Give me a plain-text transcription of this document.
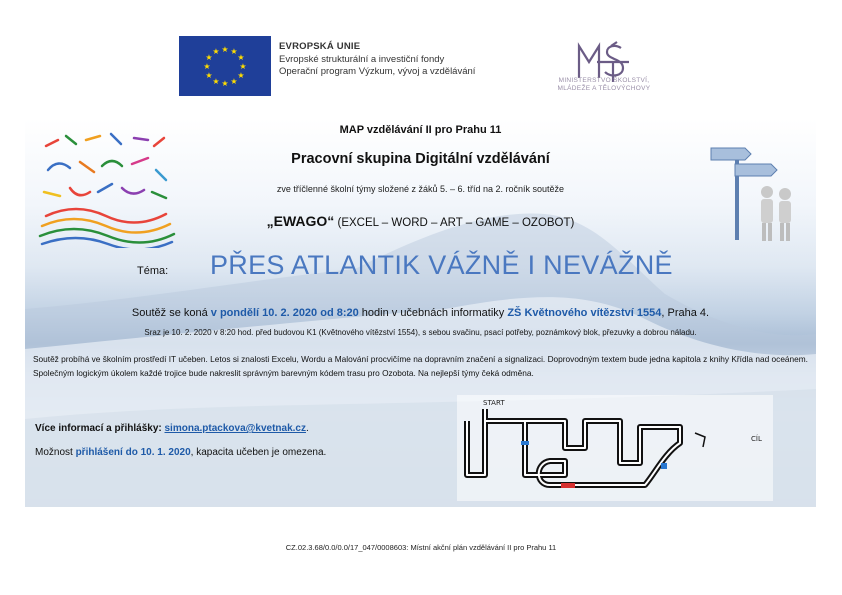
★ ★
★
★
★
★
★
★
★
★
★
★	EVROPSKÁ UNIE
Evropské strukturální a investiční fondy
Operační program Výzkum, vývoj a vzdělávání
MINISTERSTVO ŠKOLSTVÍ,
MLÁDEŽE A TĚLOVÝCHOVY
MAP vzdělávání II pro Prahu 11
Pracovní skupina Digitální vzdělávání
zve tříčlenné školní týmy složené z žáků 5. – 6. tříd na 2. ročník soutěže
„EWAGO“ (EXCEL – WORD – ART – GAME – OZOBOT)
Téma: PŘES ATLANTIK VÁŽNĚ I NEVÁŽNĚ
Soutěž se koná v pondělí 10. 2. 2020 od 8:20 hodin v učebnách informatiky ZŠ Květnového vítězství 1554, Praha 4.
Sraz je 10. 2. 2020 v 8:20 hod. před budovou K1 (Květnového vítězství 1554), s sebou svačinu, psací potřeby, poznámkový blok, přezuvky a dobrou náladu.
Soutěž probíhá ve školním prostředí IT učeben. Letos si znalosti Excelu, Wordu a Malování procvičíme na dopravním značení a signalizaci. Doprovodným textem bude jedna kapitola z knihy Křídla nad oceánem. Společným logickým úkolem každé trojice bude nakreslit správným barevným kódem trasu pro Ozobota. Na nejlepší týmy čeká odměna.
Více informací a přihlášky: simona.ptackova@kvetnak.cz.
Možnost přihlášení do 10. 1. 2020, kapacita učeben je omezena.
START
CÍL
CZ.02.3.68/0.0/0.0/17_047/0008603: Místní akční plán vzdělávání II pro Prahu 11
